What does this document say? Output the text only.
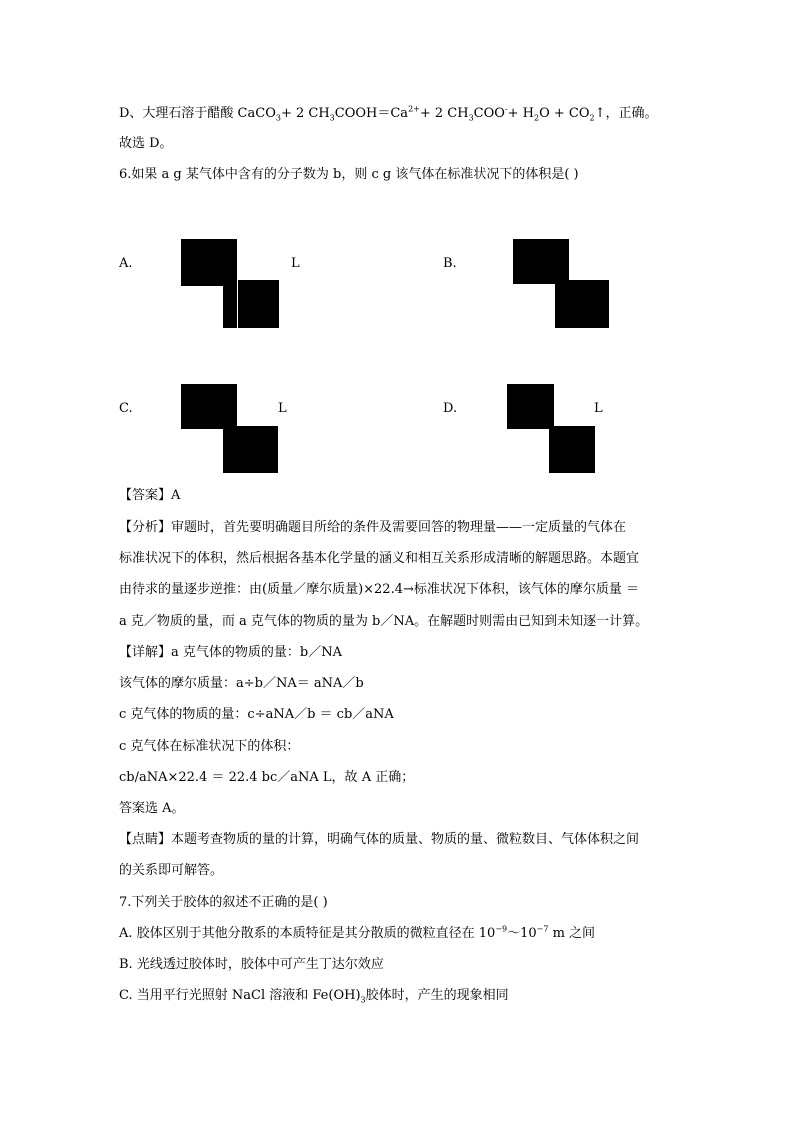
D、大理石溶于醋酸 CaCO$_3$+ 2 $CH_3COOH=Ca^{2+}+ 2$ $CH_3COO^-+ H_2O$ + $CO_2↑$，正确。
故选 D。
6.如果 a g 某气体中含有的分子数为 b，则 c g 该气体在标准状况下的体积是( )
A.	L	B.
C.	L	D.	L
【答案】A
【分析】审题时，首先要明确题目所给的条件及需要回答的物理量——一定质量的气体在
标准状况下的体积，然后根据各基本化学量的涵义和相互关系形成清晰的解题思路。本题宜
由待求的量逐步逆推：由(质量／摩尔质量)×22.4→标准状况下体积，该气体的摩尔质量 ＝
a 克／物质的量，而 a 克气体的物质的量为 b／NA。在解题时则需由已知到未知逐一计算。
【详解】a 克气体的物质的量：b／NA
该气体的摩尔质量：a÷b／NA＝ aNA／b
c 克气体的物质的量：c÷aNA／b ＝ cb／aNA
c 克气体在标准状况下的体积：
cb/aNA×22.4 ＝ 22.4 bc／aNA L，故 A 正确；
答案选 A。
【点睛】本题考查物质的量的计算，明确气体的质量、物质的量、微粒数目、气体体积之间
的关系即可解答。
7.下列关于胶体的叙述不正确的是( )
A. 胶体区别于其他分散系的本质特征是其分散质的微粒直径在 $10^{-9}\sim 10^{-7}$ m 之间
B. 光线透过胶体时，胶体中可产生丁达尔效应
C. 当用平行光照射 NaCl 溶液和 $Fe(OH)_3$胶体时，产生的现象相同
